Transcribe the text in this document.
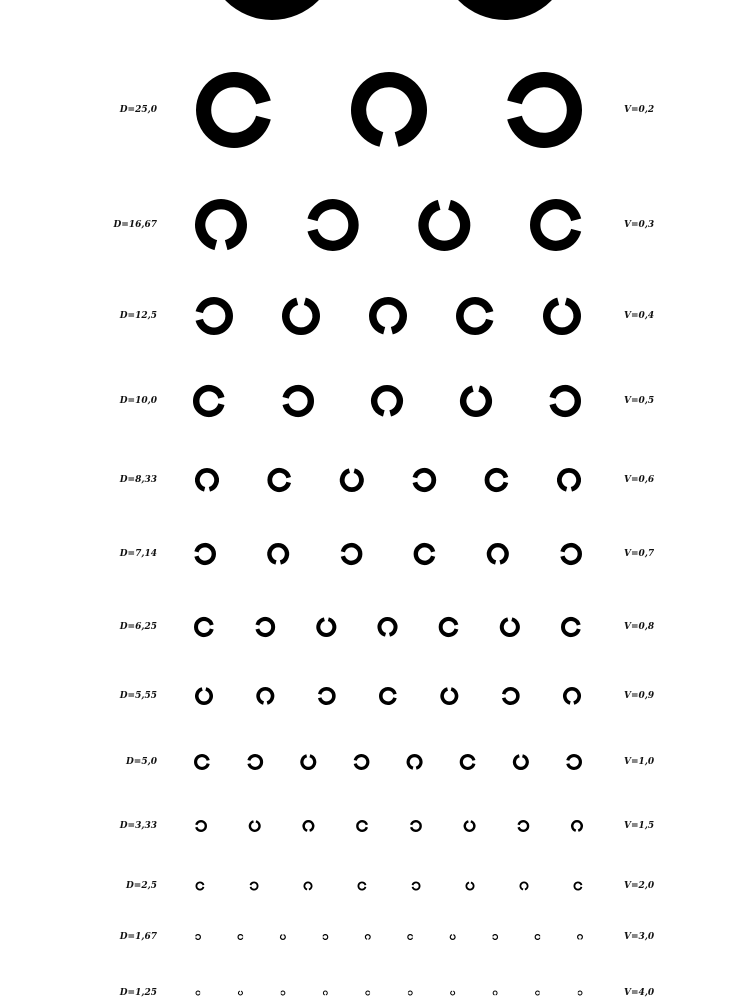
D=25,0	V=0,2
D=16,67	V=0,3
D=12,5	V=0,4
D=10,0	V=0,5
D=8,33	V=0,6
D=7,14	V=0,7
D=6,25	V=0,8
D=5,55	V=0,9
D=5,0	V=1,0
D=3,33	V=1,5
D=2,5	V=2,0
D=1,67	V=3,0
D=1,25	V=4,0
